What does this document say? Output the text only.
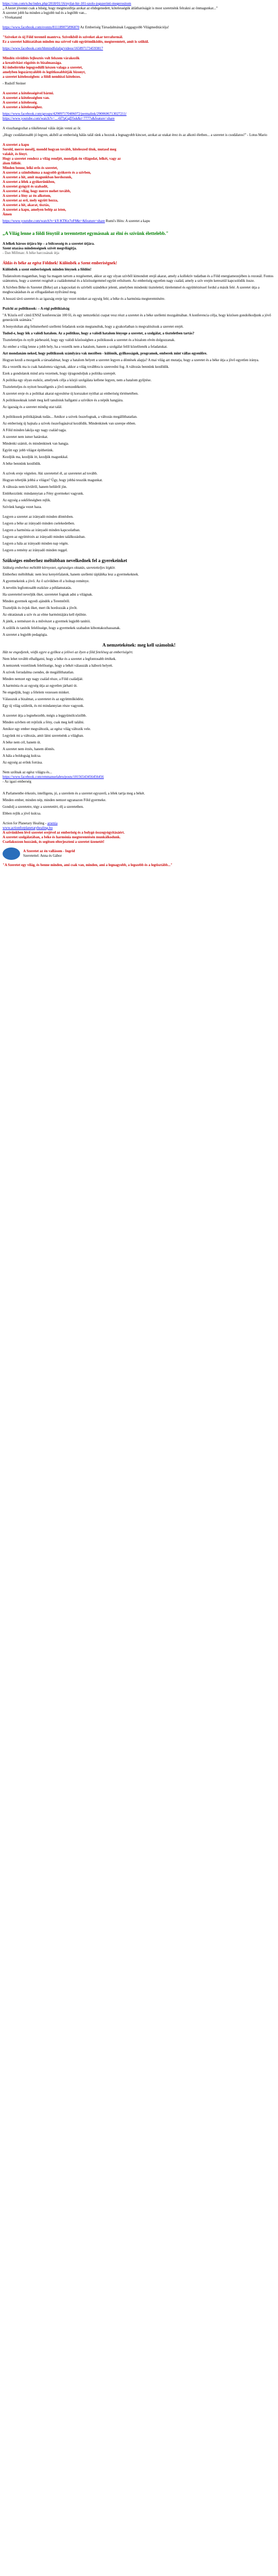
https://cnn.com/n.hu/index.php/2018/01/16/nyilat-hir-101-szolo-jogszerinti-megerositom
„ A kezet jóvenni csak a hűség, hogy megmozdítja azokat az elidegenedett, kötelességük átláthatóságát is most szeretnénk felrakni az önmagunkat...”
A szeretet jobb ha minden a legjobb tud és a legtöbb van...
- Vivekanand

https://www.facebook.com/events/811189075896870 Az Emberiség Társadalmának Leggagyobb Világmeditációja!

"Szíveket és új Föld teremtő mantrva. Szíveikből és szíveket akar terraformál.
Ez a szeretet hálózatában minden ma szívvel való együttműködés, megteremtett, amit is szűkül.

https://www.facebook.com/hhmindfulalig/videos/1658971734593817

Mindén rövidítés fejlesztés volt felszem várakezők
a kreativitást rögzítés és bizalmassága.
Ki önbelértéke legegyedülli készen valaga a szeretet,
amelyben legszárnyalóbb és legtitkosabbítják bizonyt,
a szeretet kötelességben: a földi nemhiszi kötelezes.

- Rudolf Steiner

A szeretet a kötelességével bármi.
A szeretet a kötelességben van.
A szeretet a kötelesség.
A szeretet a kötelességhez.

https://www.facebook.com/groups/429097170406072/permalink/2900606713027211/
https://www.youtube.com/watch?v=...-6f7pGgD5uk&t=7777s&feature=share

A visszhangozhat a tökéletessé válás útján venni az őr.

„Hogy csodálatosabb jó legyen, akiből az emberiség hálás talál ránk a hozzuk a legnagyobb kincset, azokat az utakat érez és az alkotó életben... a szeretet is csodálatos!” - Lotus Mario

A szeretet a kapu
Sorold, merre mesélj, mondd hogyan tovább, hiteleszed titok, mutasd meg
valakit, és fényt.
Hogy a szeretet rendezz a világ rendjét, mondjak én világodat, lelkét, vagy az
álom fölfelé.
Minden benne, lelki erős és szeretet,
A szeretet a szimbóluma a nagyobb gyökerés és a szívben,
A szeretet a hit, amit magunkban hordozunk,
A szeretet a lélek a gyökerünkben,
A szeretet gyógyít és szabadít,
A szeretet a világ, hogy merre mehet tovább,
A szeretet a fény az én alkotom,
A szeretet az erő, mely együtt hozza,
A szeretet a hit, akarat, tisztás,
A szeretet a kapu, amelyen belép az isten,
Ámen

https://www.youtube.com/watch?v=kY-KTKn7oF8&t=&feature=share Rumi's Hóts: A szeretet a kapu

„A Világ lenne a földi fénytől a teremtettet egymásnak az élni és szívünk élettelebb."

A lelkek hársos útjára lép – a bölcsesség és a szeretet útjára.
Szent utazása mindenségnek szívét megvilágítja.
- Dan Millman: A béke harcosának útja

Áldás és béke az egész Földnek! Különbék a Szent emberiségnek!

Különbék a szent emberiségnek minden lénynek a földön!

Tudatosítom magamban, hogy ha magam tartom a rezgésemet, akkor az egy olyan szívből kimondott erejű akarat, amely a kollektív tudatban és a Föld energiamezejében is rezonál. Fontos számomra, hogy a szeretet rezgését a családommal és a közösségemmel együtt erősítsem. Az emberiség egyetlen nagy család, amely a szív erején keresztül kapcsolódik össze.

A Szívben Béke és Szeretet (Béke) azt a kapcsolati és szívbéli szándékot jelenti, amelyben mindenki tisztelettel, türelemmel és együttérzéssel fordul a másik felé. A szeretet útja a megbocsátásban és az elfogadásban nyilvánul meg.

A hosszú távú szeretet és az igazság ereje így vezet minket az egység felé, a béke és a harmónia megteremtésére.

Pszichi az politikusok: – A régi politikiaiság

"A 'Közös erő' című ENSZ konferencián 100 fő, és egy nemzetközi csapat vesz részt a szeretet és a béke szellemi mozgalmában. A konferencia célja, hogy közösen gondolkodjunk a jövő generációk számára."

A bonyolultan alig felismerhető szellemi feladatok során megtanultuk, hogy a gyakorlatban is megvalósítsuk a szeretet erejét.

Tudod-e, hogy lék a valódi hatalom. Az a politikus, hogy a valódi hatalom lényege a szeretet, a szolgálat, a tiszteletben tartás?

Tiszteletteljes és nyílt párbeszéd, hogy egy valódi közösségben a politikusok a szeretet és a bizalom elvén dolgozzanak.

Az ember a világ lenne a jobb hely, ha a vezetők nem a hatalom, hanem a szolgálat felől közelítenék a feladatukat.

Azt mondanám neked, hogy politikusok számlyára vak mezőben - különök, gyilkosságok, programok, emberek mint vállas egyenlőre.

Hogyan kezdi a mozgatók a társadalmat, hogy a hatalom helyett a szeretet legyen a döntések alapja? A mai világ azt mutatja, hogy a szeretet és a béke útja a jövő egyetlen iránya.

Ha a vezetők ma is csak hatalomra vágynak, akkor a világ továbbra is szenvedni fog. A változás bennünk kezdődik.

Ezek a gondolatok mind arra vezetnek, hogy újragondoljuk a politika szerepét.

A politika egy olyan eszköz, amelynek célja a közjó szolgálata kellene legyen, nem a hatalom gyűjtése.

Tiszteletteljes és nyitott beszélgetés a jövő nemzedékeiért.

A szeretet ereje és a politikai akarat egyesítése új korszakot nyithat az emberiség történetében.

A politikusoknak ismét meg kell tanulniuk hallgatni a szívükre és a népük hangjára.

Az igazság és a szeretet mindig utat talál.

A politikusok politikájának tudás... Amikor a szívek összefognak, a változás megállíthatatlan.

Az emberiség új hajnala a szívek összefogásával kezdődik. Mindenkinek van szerepe ebben.

A Föld minden lakója egy nagy család tagja.

A szeretet nem ismer határokat.

Mindenki számít, és mindenkinek van hangja.

Együtt egy jobb világot építhetünk.

Kezdjük ma, kezdjük itt, kezdjük magunkkal.

A béke bennünk kezdődik.

A szívek ereje végtelen. Aki szeretettel él, az szeretetet ad tovább.

Hogyan tehetjük jobbá a világot? Úgy, hogy jobbá tesszük magunkat.

A változás nem kívülről, hanem belülről jön.

Emlékezzünk: mindannyian a Fény gyermekei vagyunk.

Az egység a sokféleségben rejlik.

Szívünk hangja vezet haza.

Legyen a szeretet az irányadó minden döntésben.

Legyen a béke az irányadó minden cselekedetben.

Legyen a harmónia az irányadó minden kapcsolatban.

Legyen az együttérzés az irányadó minden találkozásban.

Legyen a hála az irányadó minden nap végén.

Legyen a remény az irányadó minden reggel.

Szükséges emberhez méltóbban nevelkednek fel a gyerekeinket

Szükség emberhez méltóbb környezet, egészséges oktatás, szeretetteljes légkör.

Emberhez méltóbbak: nem lesz kenyérfalatok, hanem szellemi tápláléka lesz a gyermekeknek.

A gyermekeink a jövő. Az ő szívükben él a holnap reménye.

A nevelés legfontosabb eszköze a példamutatás.

Ha szeretettel neveljük őket, szeretetet fognak adni a világnak.

Minden gyermek egyedi ajándék a Teremtőtől.

Tiszteljük és óvjuk őket, mert ők hordozzák a jövőt.

Az oktatásnak a szív és az elme harmóniájára kell épülnie.

A játék, a természet és a művészet a gyermek legjobb tanítói.

A szülők és tanítók felelőssége, hogy a gyermekek szabadon kibontakozhassanak.

A szeretet a legjobb pedagógia.

A nemzetekének: meg kell számolnk!

Hát ne engedjetek, védjk egyre a gyilkoz a jelövei az ilyen a föld feteléseg az emberiségért.

Nem lehet tovább elhallgatni, hogy a béke és a szeretet a legfontosabb értékek.

A nemzetek vezetőinek felelőssége, hogy a békét válasszák a háború helyett.

A szívek forradalma csendes, de megállíthatatlan.

Minden nemzet egy nagy család része, a Föld családjáé.

A harmónia és az egység útja az egyetlen járható út.

Ne engedjük, hogy a félelem vezessen minket.

Válasszuk a bizalmat, a szeretetet és az együttműködést.

Egy új világ születik, és mi mindannyian része vagyunk.

A szeretet útja a legnehezebb, mégis a leggyümölcsözőbb.

Minden szívben ott rejtőzik a fény, csak meg kell találni.

Amikor egy ember megváltozik, az egész világ változik vele.

Legyünk mi a változás, amit látni szeretnénk a világban.

A béke nem cél, hanem út.

A szeretet nem érzés, hanem döntés.

A hála a boldogság kulcsa.

Az egység az erőnk forrása.

Nem szólnak az egész világra és...
https://www.facebook.com/emmanuelabru/posts/10156543456456456
- Az igazi emberség

A Parlamentbe érkezés, intelligens, jó, a szerelem és a szeretet egyszerű, a lélek tartja meg a békét.

Minden ember, minden nép, minden nemzet ugyanazon Föld gyermeke.

Gondolj a szeretetre, tégy a szeretetért, élj a szeretetben.

Ebben rejlik a jövő kulcsa.

Action for Planetary Healing - arsenia
www.actionforplanetaryhealing.hu
A szívünkben lévő szeretet erejével az emberiség és a bolygó összegyógyításáért.
A szeretet szolgálatában, a béke és harmónia megteremtésén munkálkodunk.
Csatlakozzon hozzánk, és segítsen elterjeszteni a szeretet üzenetét!

A Szeretet az én vallásom - Ingrid
Szeretettel: Anna és Gábor

"A Szeretet egy világ, és benne minden, ami csak van, minden, ami a legnagyobb, a legszebb és a legtisztább..."
